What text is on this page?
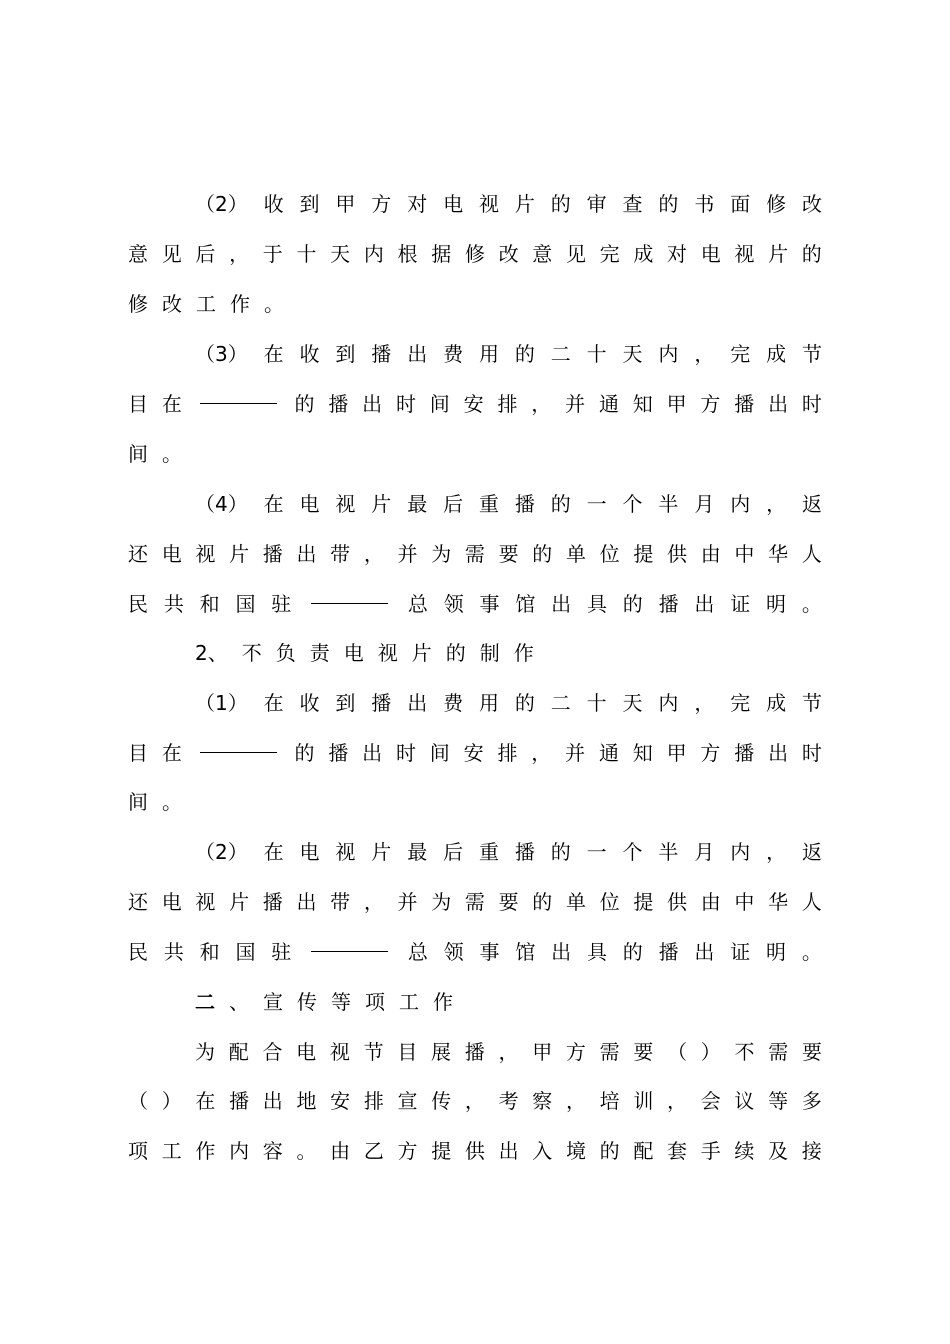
（2） 收 到 甲 方 对 电 视 片 的 审 查 的 书 面 修 改
意 见 后 ， 于 十 天 内 根 据 修 改 意 见 完 成 对 电 视 片 的
修 改 工 作 。
（3） 在 收 到 播 出 费 用 的 二 十 天 内 ， 完 成 节
目 在	的 播 出 时 间 安 排 ， 并 通 知 甲 方 播 出 时
间 。
（4） 在 电 视 片 最 后 重 播 的 一 个 半 月 内 ， 返
还 电 视 片 播 出 带 ， 并 为 需 要 的 单 位 提 供 由 中 华 人
民 共 和 国 驻	总 领 事 馆 出 具 的 播 出 证 明 。
2、 不 负 责 电 视 片 的 制 作
（1） 在 收 到 播 出 费 用 的 二 十 天 内 ， 完 成 节
目 在	的 播 出 时 间 安 排 ， 并 通 知 甲 方 播 出 时
间 。
（2） 在 电 视 片 最 后 重 播 的 一 个 半 月 内 ， 返
还 电 视 片 播 出 带 ， 并 为 需 要 的 单 位 提 供 由 中 华 人
民 共 和 国 驻	总 领 事 馆 出 具 的 播 出 证 明 。
二 、 宣 传 等 项 工 作
为 配 合 电 视 节 目 展 播 ， 甲 方 需 要 （ ） 不 需 要
（ ） 在 播 出 地 安 排 宣 传 ， 考 察 ， 培 训 ， 会 议 等 多
项 工 作 内 容 。 由 乙 方 提 供 出 入 境 的 配 套 手 续 及 接
